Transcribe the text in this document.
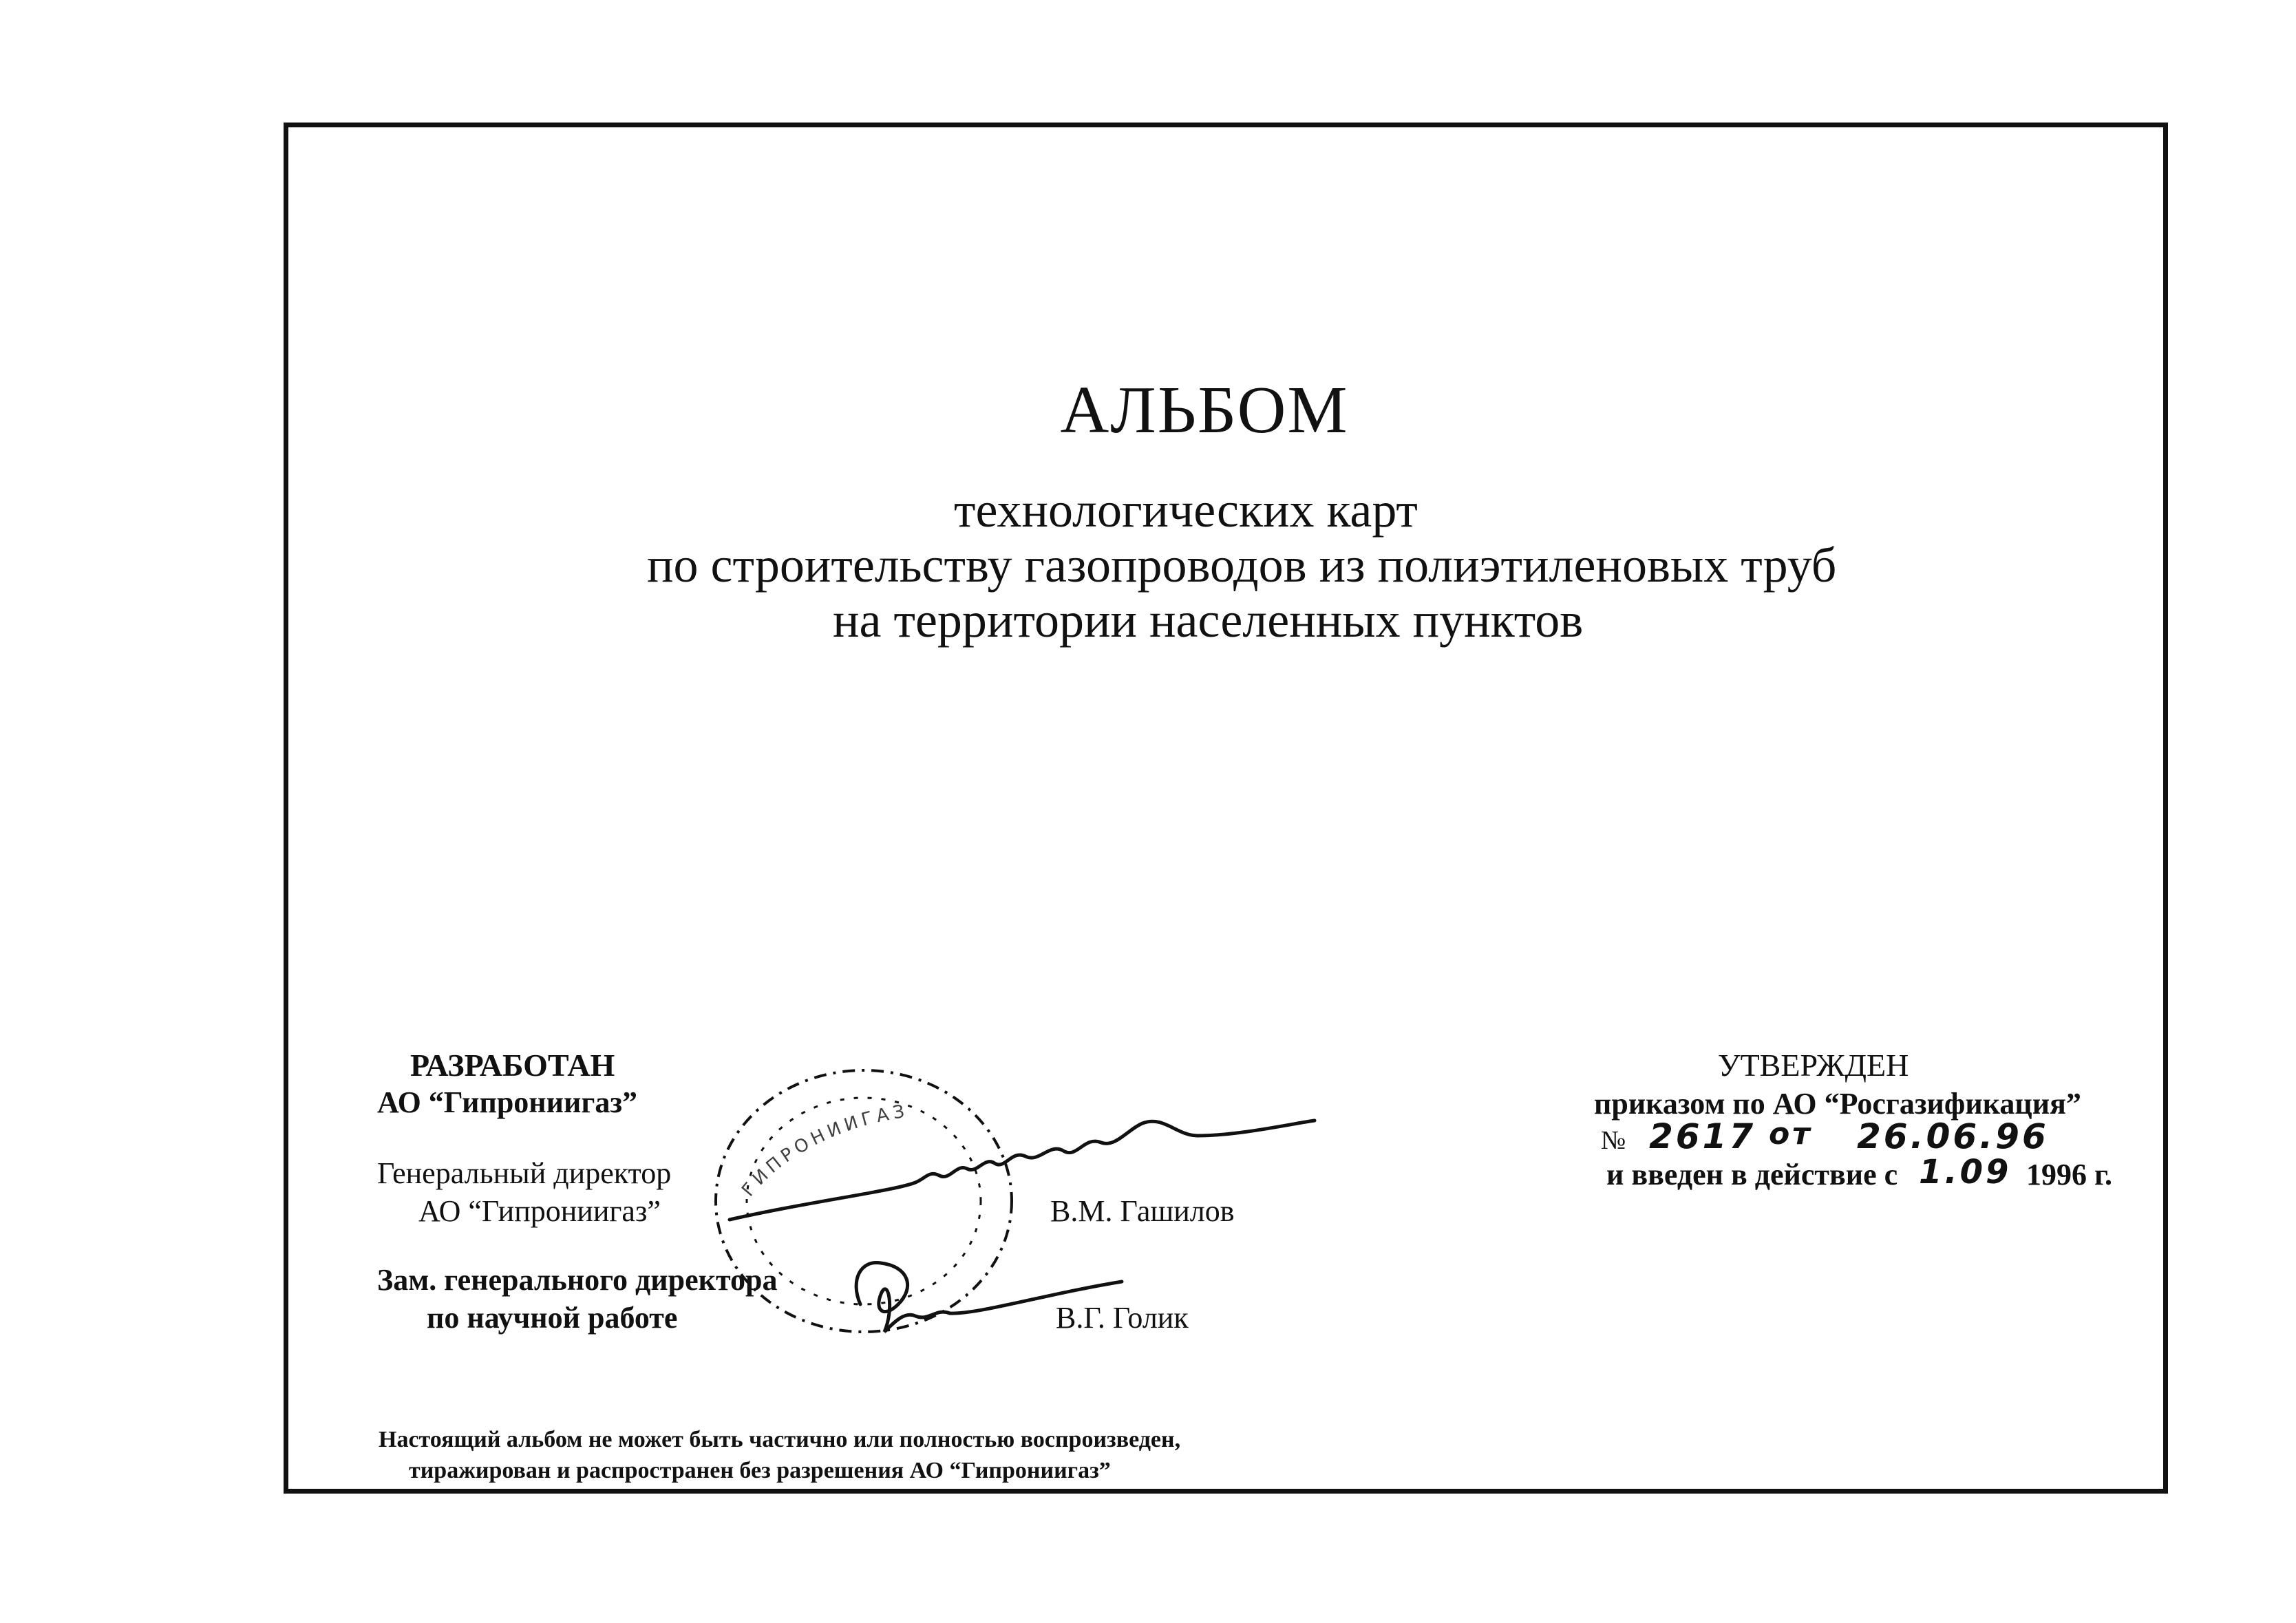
АЛЬБОМ
технологических карт
по строительству газопроводов из полиэтиленовых труб
на территории населенных пунктов
РАЗРАБОТАН
АО “Гипрониигаз”
Генеральный директор
АО “Гипрониигаз”	В.М. Гашилов
Зам. генерального директора
по научной работе	В.Г. Голик
УТВЕРЖДЕН
приказом по АО “Росгазификация”
№ 2617 от 26.06.96
и введен в действие с 1.09 1996 г.
Настоящий альбом не может быть частично или полностью воспроизведен,
тиражирован и распространен без разрешения АО “Гипрониигаз”
ГИПРОНИИГАЗ
